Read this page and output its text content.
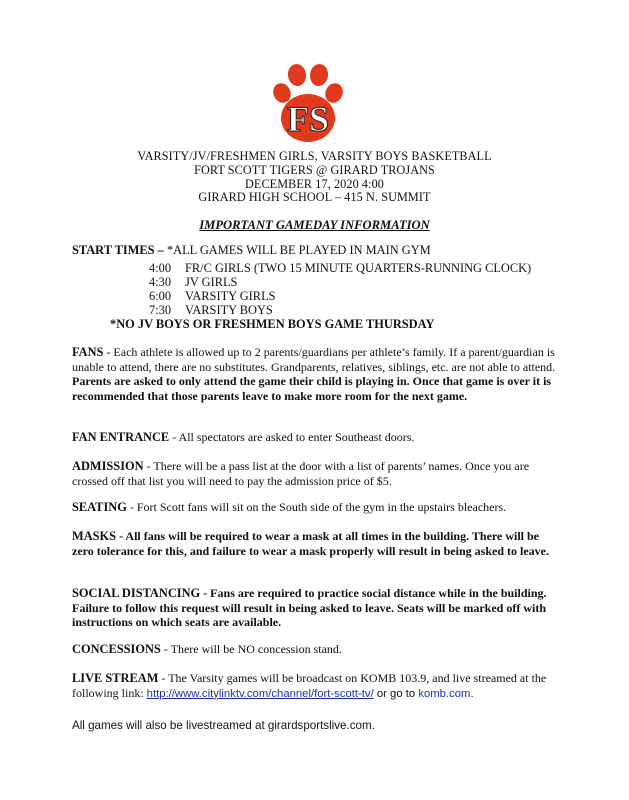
FS
VARSITY/JV/FRESHMEN GIRLS, VARSITY BOYS BASKETBALL
FORT SCOTT TIGERS @ GIRARD TROJANS
DECEMBER 17, 2020 4:00
GIRARD HIGH SCHOOL – 415 N. SUMMIT
IMPORTANT GAMEDAY INFORMATION
START TIMES – *ALL GAMES WILL BE PLAYED IN MAIN GYM
4:00 FR/C GIRLS (TWO 15 MINUTE QUARTERS-RUNNING CLOCK)
4:30 JV GIRLS
6:00 VARSITY GIRLS
7:30 VARSITY BOYS
*NO JV BOYS OR FRESHMEN BOYS GAME THURSDAY
FANS - Each athlete is allowed up to 2 parents/guardians per athlete’s family. If a parent/guardian is unable to attend, there are no substitutes. Grandparents, relatives, siblings, etc. are not able to attend. Parents are asked to only attend the game their child is playing in. Once that game is over it is recommended that those parents leave to make more room for the next game.
FAN ENTRANCE - All spectators are asked to enter Southeast doors.
ADMISSION - There will be a pass list at the door with a list of parents’ names. Once you are crossed off that list you will need to pay the admission price of $5.
SEATING - Fort Scott fans will sit on the South side of the gym in the upstairs bleachers.
MASKS - All fans will be required to wear a mask at all times in the building. There will be zero tolerance for this, and failure to wear a mask properly will result in being asked to leave.
SOCIAL DISTANCING - Fans are required to practice social distance while in the building. Failure to follow this request will result in being asked to leave. Seats will be marked off with instructions on which seats are available.
CONCESSIONS - There will be NO concession stand.
LIVE STREAM - The Varsity games will be broadcast on KOMB 103.9, and live streamed at the following link: http://www.citylinktv.com/channel/fort-scott-tv/ or go to komb.com.
All games will also be livestreamed at girardsportslive.com.
